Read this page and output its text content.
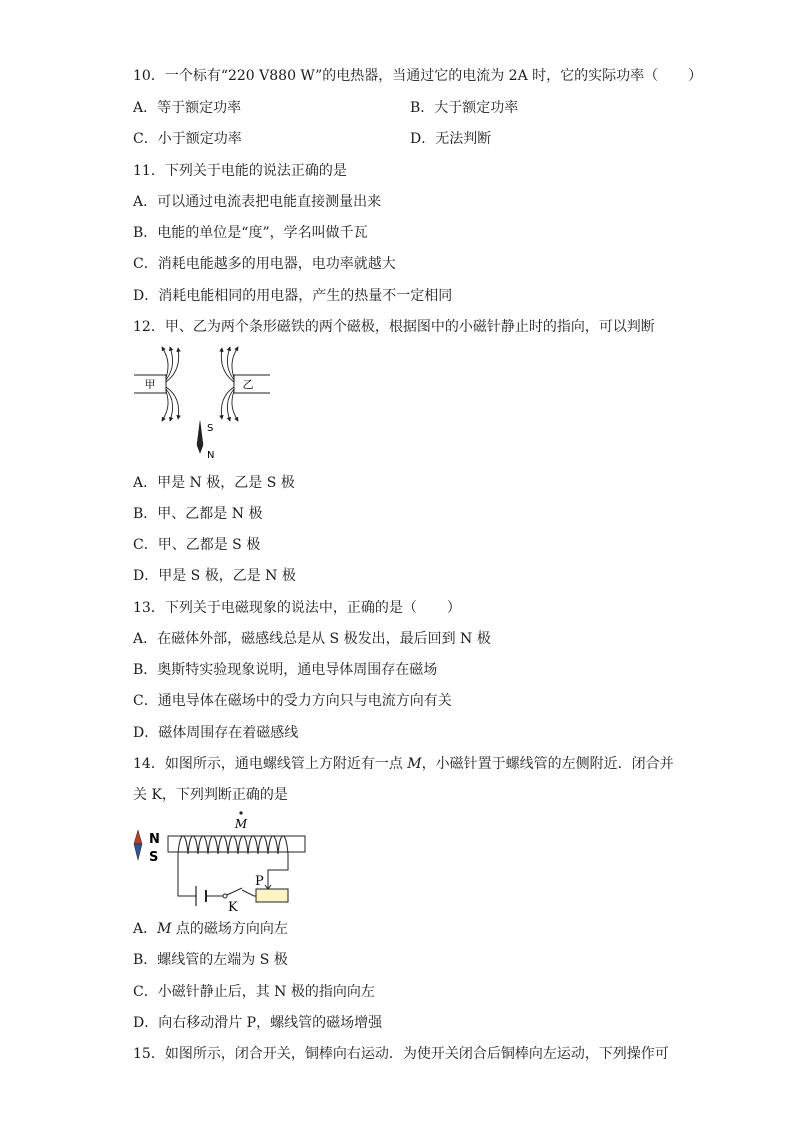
10．一个标有“220 V880 W”的电热器，当通过它的电流为 2A 时，它的实际功率（ ）
A．等于额定功率	B．大于额定功率
C．小于额定功率	D．无法判断
11．下列关于电能的说法正确的是
A．可以通过电流表把电能直接测量出来
B．电能的单位是“度”，学名叫做千瓦
C．消耗电能越多的用电器，电功率就越大
D．消耗电能相同的用电器，产生的热量不一定相同
12．甲、乙为两个条形磁铁的两个磁极，根据图中的小磁针静止时的指向，可以判断
甲	乙
S
N
A．甲是 N 极，乙是 S 极
B．甲、乙都是 N 极
C．甲、乙都是 S 极
D．甲是 S 极，乙是 N 极
13．下列关于电磁现象的说法中，正确的是（ ）
A．在磁体外部，磁感线总是从 S 极发出，最后回到 N 极
B．奥斯特实验现象说明，通电导体周围存在磁场
C．通电导体在磁场中的受力方向只与电流方向有关
D．磁体周围存在着磁感线
14．如图所示，通电螺线管上方附近有一点 M，小磁针置于螺线管的左侧附近．闭合并
关 K，下列判断正确的是
M
N
S
K
P
A．M 点的磁场方向向左
B．螺线管的左端为 S 极
C．小磁针静止后，其 N 极的指向向左
D．向右移动滑片 P，螺线管的磁场增强
15．如图所示，闭合开关，铜棒向右运动．为使开关闭合后铜棒向左运动，下列操作可
